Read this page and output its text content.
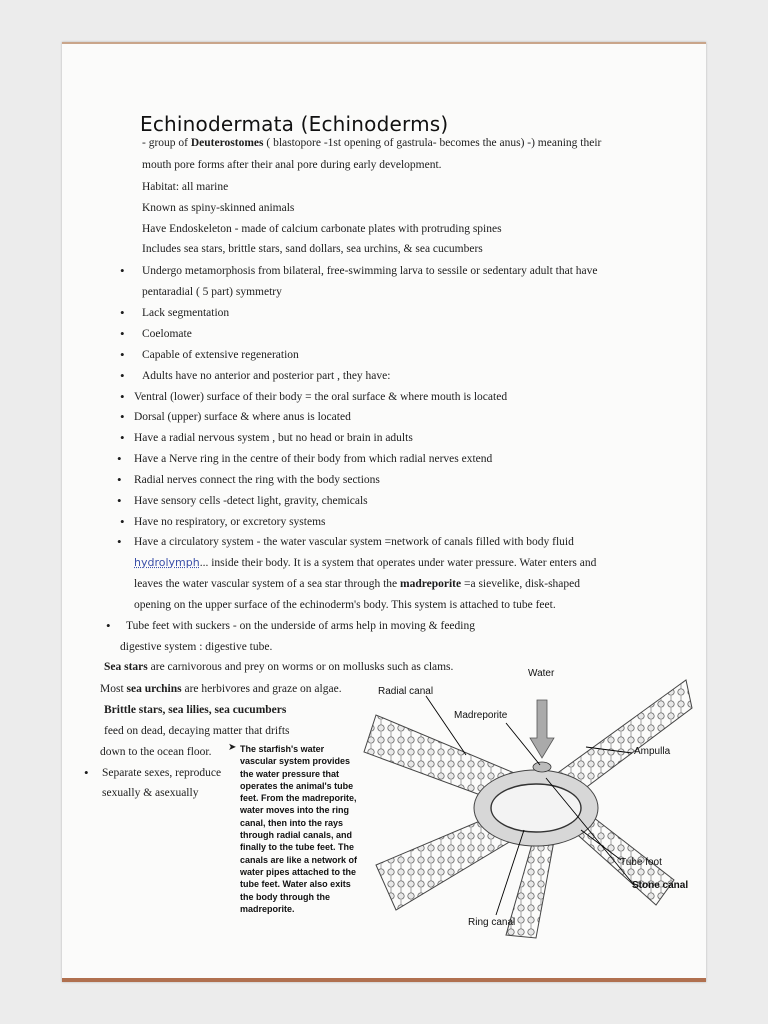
Echinodermata (Echinoderms)
- group of Deuterostomes ( blastopore -1st opening of gastrula- becomes the anus) -) meaning their
mouth pore forms after their anal pore during early development.
Habitat: all marine
Known as spiny-skinned animals
Have Endoskeleton - made of calcium carbonate plates with protruding spines
Includes sea stars, brittle stars, sand dollars, sea urchins, & sea cucumbers
• Undergo metamorphosis from bilateral, free-swimming larva to sessile or sedentary adult that have
pentaradial ( 5 part) symmetry
• Lack segmentation
• Coelomate
• Capable of extensive regeneration
• Adults have no anterior and posterior part , they have:
• Ventral (lower) surface of their body = the oral surface & where mouth is located
• Dorsal (upper) surface & where anus is located
• Have a radial nervous system , but no head or brain in adults
• Have a Nerve ring in the centre of their body from which radial nerves extend
• Radial nerves connect the ring with the body sections
• Have sensory cells -detect light, gravity, chemicals
• Have no respiratory, or excretory systems
• Have a circulatory system - the water vascular system =network of canals filled with body fluid
hydrolymph... inside their body. It is a system that operates under water pressure. Water enters and
leaves the water vascular system of a sea star through the madreporite =a sievelike, disk-shaped
opening on the upper surface of the echinoderm's body. This system is attached to tube feet.
• Tube feet with suckers - on the underside of arms help in moving & feeding
digestive system : digestive tube.
Sea stars are carnivorous and prey on worms or on mollusks such as clams.
Most sea urchins are herbivores and graze on algae.
Brittle stars, sea lilies, sea cucumbers
feed on dead, decaying matter that drifts
down to the ocean floor.
• Separate sexes, reproduce
sexually & asexually
➤ The starfish's water vascular system provides the water pressure that operates the animal's tube feet. From the madreporite, water moves into the ring canal, then into the rays through radial canals, and finally to the tube feet. The canals are like a network of water pipes attached to the tube feet. Water also exits the body through the madreporite.
Water
Radial canal
Madreporite
Ampulla
Tube foot
Stone canal
Ring canal
